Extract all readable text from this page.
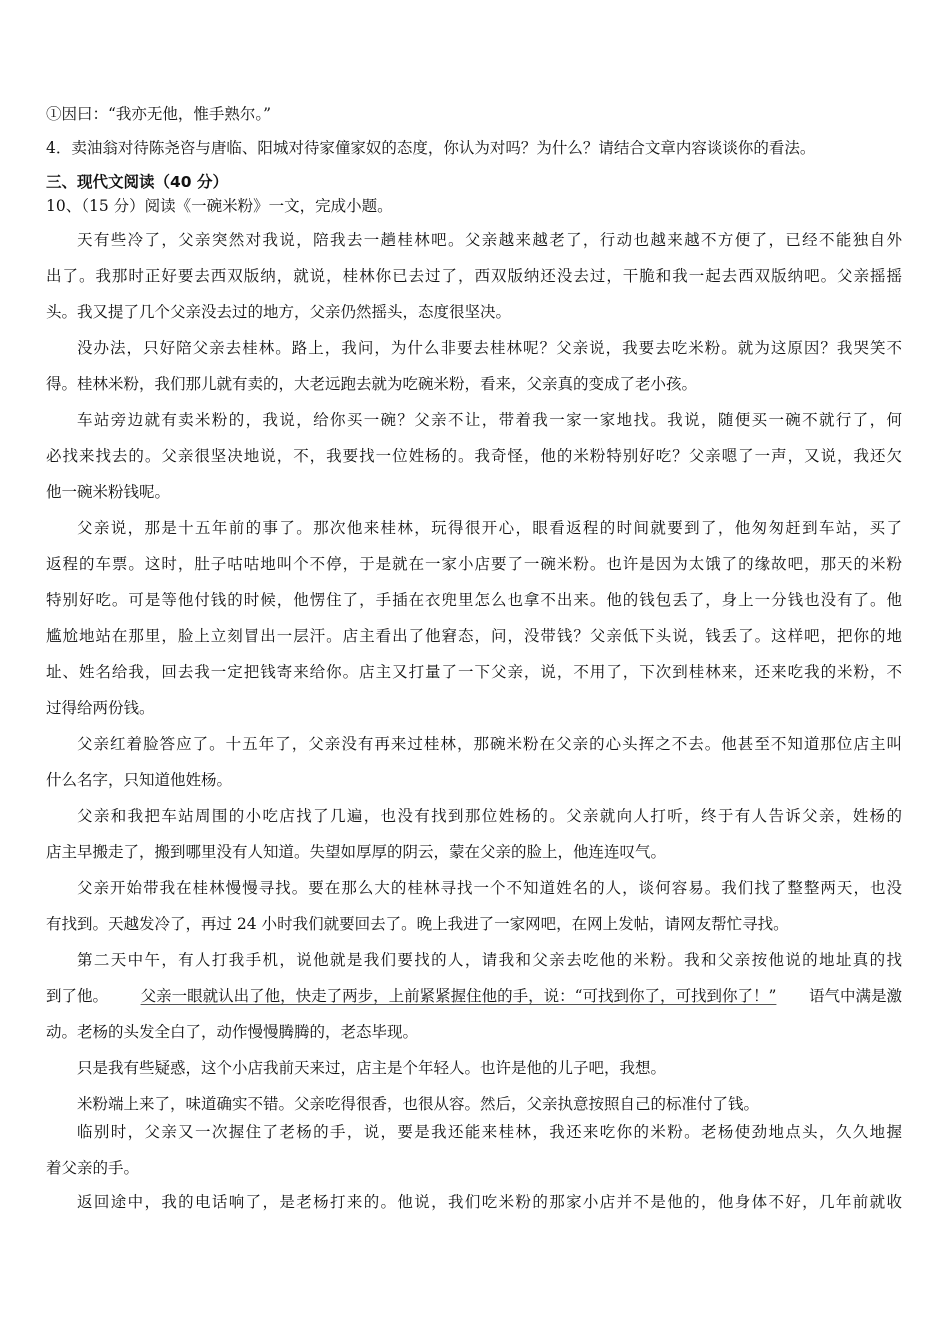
①因曰：“我亦无他，惟手熟尔。”
4．卖油翁对待陈尧咨与唐临、阳城对待家僮家奴的态度，你认为对吗？为什么？请结合文章内容谈谈你的看法。
三、现代文阅读（40 分）
10、（15 分）阅读《一碗米粉》一文，完成小题。
天有些冷了，父亲突然对我说，陪我去一趟桂林吧。父亲越来越老了，行动也越来越不方便了，已经不能独自外
出了。我那时正好要去西双版纳，就说，桂林你已去过了，西双版纳还没去过，干脆和我一起去西双版纳吧。父亲摇摇
头。我又提了几个父亲没去过的地方，父亲仍然摇头，态度很坚决。
没办法，只好陪父亲去桂林。路上，我问，为什么非要去桂林呢？父亲说，我要去吃米粉。就为这原因？我哭笑不
得。桂林米粉，我们那儿就有卖的，大老远跑去就为吃碗米粉，看来，父亲真的变成了老小孩。
车站旁边就有卖米粉的，我说，给你买一碗？父亲不让，带着我一家一家地找。我说，随便买一碗不就行了，何
必找来找去的。父亲很坚决地说，不，我要找一位姓杨的。我奇怪，他的米粉特别好吃？父亲嗯了一声，又说，我还欠
他一碗米粉钱呢。
父亲说，那是十五年前的事了。那次他来桂林，玩得很开心，眼看返程的时间就要到了，他匆匆赶到车站，买了
返程的车票。这时，肚子咕咕地叫个不停，于是就在一家小店要了一碗米粉。也许是因为太饿了的缘故吧，那天的米粉
特别好吃。可是等他付钱的时候，他愣住了，手插在衣兜里怎么也拿不出来。他的钱包丢了，身上一分钱也没有了。他
尴尬地站在那里，脸上立刻冒出一层汗。店主看出了他窘态，问，没带钱？父亲低下头说，钱丢了。这样吧，把你的地
址、姓名给我，回去我一定把钱寄来给你。店主又打量了一下父亲，说，不用了，下次到桂林来，还来吃我的米粉，不
过得给两份钱。
父亲红着脸答应了。十五年了，父亲没有再来过桂林，那碗米粉在父亲的心头挥之不去。他甚至不知道那位店主叫
什么名字，只知道他姓杨。
父亲和我把车站周围的小吃店找了几遍，也没有找到那位姓杨的。父亲就向人打听，终于有人告诉父亲，姓杨的
店主早搬走了，搬到哪里没有人知道。失望如厚厚的阴云，蒙在父亲的脸上，他连连叹气。
父亲开始带我在桂林慢慢寻找。要在那么大的桂林寻找一个不知道姓名的人，谈何容易。我们找了整整两天，也没
有找到。天越发冷了，再过 24 小时我们就要回去了。晚上我进了一家网吧，在网上发帖，请网友帮忙寻找。
第二天中午，有人打我手机，说他就是我们要找的人，请我和父亲去吃他的米粉。我和父亲按他说的地址真的找
到了他。 父亲一眼就认出了他，快走了两步，上前紧紧握住他的手，说：“可找到你了，可找到你了！” 语气中满是激
动。老杨的头发全白了，动作慢慢腾腾的，老态毕现。
只是我有些疑惑，这个小店我前天来过，店主是个年轻人。也许是他的儿子吧，我想。
米粉端上来了，味道确实不错。父亲吃得很香，也很从容。然后，父亲执意按照自己的标准付了钱。
临别时，父亲又一次握住了老杨的手，说，要是我还能来桂林，我还来吃你的米粉。老杨使劲地点头，久久地握
着父亲的手。
返回途中，我的电话响了，是老杨打来的。他说，我们吃米粉的那家小店并不是他的，他身体不好，几年前就收
